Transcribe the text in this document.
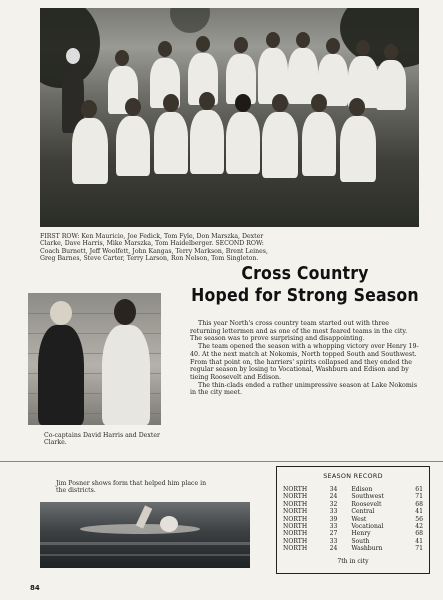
FIRST ROW: Ken Mauricio, Joe Fedick, Tom Fyle, Don Marszka, Dexter Clarke, Dave Harris, Mike Marszka, Tom Haidelberger. SECOND ROW: Coach Burnett, Jeff Woolfett, John Kangas, Terry Markson, Brent Leines, Greg Barnes, Steve Carter, Terry Larson, Ron Nelson, Tom Singleton.
Cross Country
Hoped for Strong Season
Co-captains David Harris and Dexter Clarke.

This year North's cross country team started out with three returning lettermen and as one of the most feared teams in the city. The season was to prove surprising and disappointing.

The team opened the season with a whopping victory over Henry 19-40. At the next match at Nokomis, North topped South and Southwest. From that point on, the harriers' spirits collapsed and they ended the regular season by losing to Vocational, Washburn and Edison and by tieing Roosevelt and Edison.

The thin-clads ended a rather unimpressive season at Lake Nokomis in the city meet.

Jim Posner shows form that helped him place in the districts.
SEASON RECORD
NORTH	34	Edison	61
NORTH	24	Southwest	71
NORTH	32	Roosevelt	68
NORTH	33	Central	41
NORTH	39	West	56
NORTH	33	Vocational	42
NORTH	27	Henry	68
NORTH	33	South	41
NORTH	24	Washburn	71
7th in city
84
